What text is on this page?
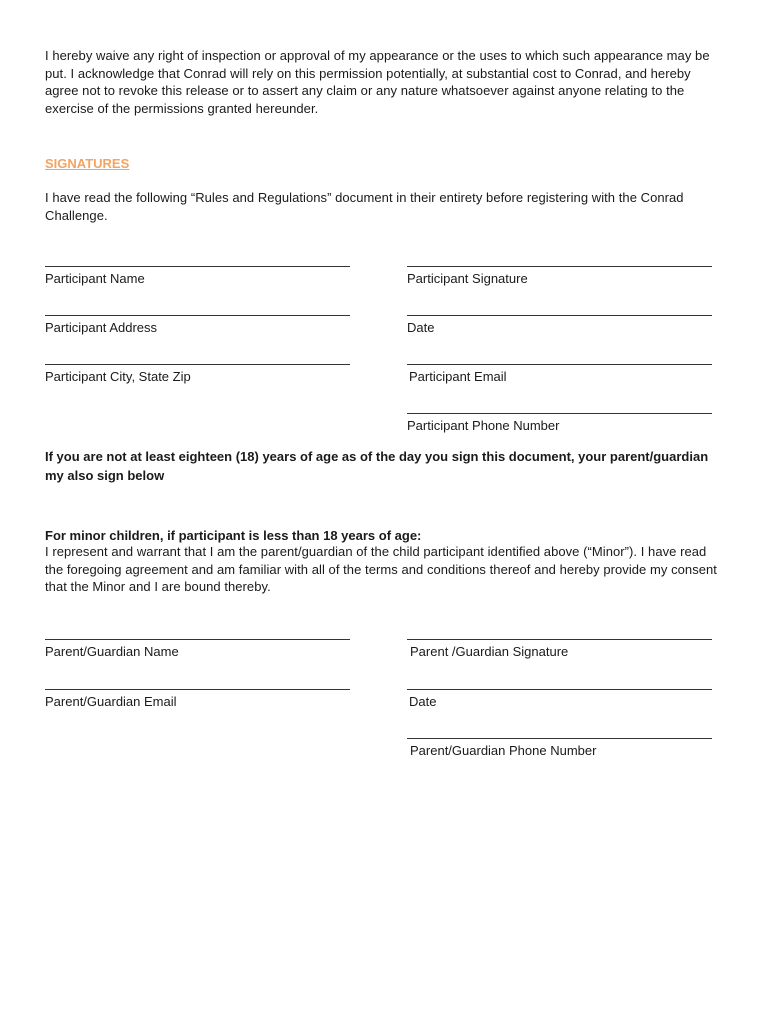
I hereby waive any right of inspection or approval of my appearance or the uses to which such appearance may be put. I acknowledge that Conrad will rely on this permission potentially, at substantial cost to Conrad, and hereby agree not to revoke this release or to assert any claim or any nature whatsoever against anyone relating to the exercise of the permissions granted hereunder.
SIGNATURES
I have read the following “Rules and Regulations” document in their entirety before registering with the Conrad Challenge.
Participant Name	Participant Signature
Participant Address	Date
Participant City, State Zip	Participant Email
Participant Phone Number
If you are not at least eighteen (18) years of age as of the day you sign this document, your parent/guardian my also sign below
For minor children, if participant is less than 18 years of age:
I represent and warrant that I am the parent/guardian of the child participant identified above (“Minor”). I have read the foregoing agreement and am familiar with all of the terms and conditions thereof and hereby provide my consent that the Minor and I are bound thereby.
Parent/Guardian Name	Parent /Guardian Signature
Parent/Guardian Email	Date
Parent/Guardian Phone Number
